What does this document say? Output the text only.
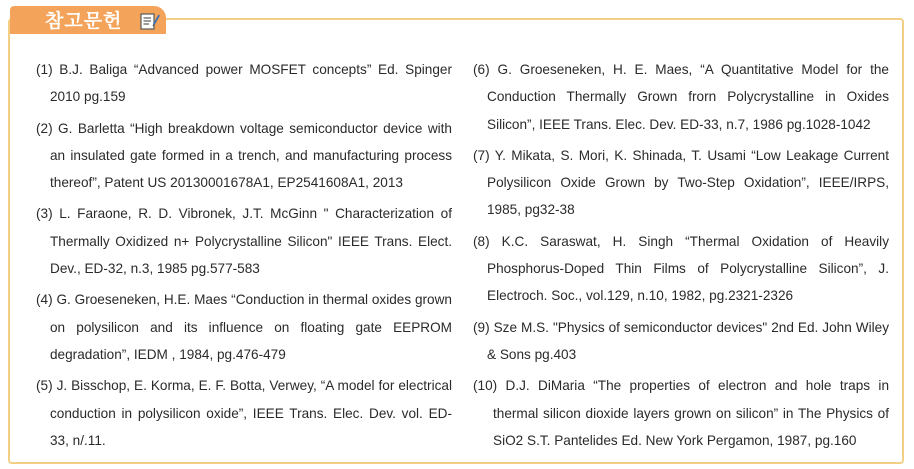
참고문헌
(1) B.J. Baliga “Advanced power MOSFET concepts” Ed. Spinger 2010 pg.159
(2) G. Barletta “High breakdown voltage semiconductor device with an insulated gate formed in a trench, and manufacturing process thereof”, Patent US 20130001678A1, EP2541608A1, 2013
(3) L. Faraone, R. D. Vibronek, J.T. McGinn " Characterization of Thermally Oxidized n+ Polycrystalline Silicon" IEEE Trans. Elect. Dev., ED-32, n.3, 1985 pg.577-583
(4) G. Groeseneken, H.E. Maes “Conduction in thermal oxides grown on polysilicon and its influence on floating gate EEPROM degradation”, IEDM , 1984, pg.476-479
(5) J. Bisschop, E. Korma, E. F. Botta, Verwey, “A model for electrical conduction in polysilicon oxide”, IEEE Trans. Elec. Dev. vol. ED-33, n/.11.
(6) G. Groeseneken, H. E. Maes, “A Quantitative Model for the Conduction Thermally Grown frorn Polycrystalline in Oxides Silicon”, IEEE Trans. Elec. Dev. ED-33, n.7, 1986 pg.1028-1042
(7) Y. Mikata, S. Mori, K. Shinada, T. Usami “Low Leakage Current Polysilicon Oxide Grown by Two-Step Oxidation”, IEEE/IRPS, 1985, pg32-38
(8) K.C. Saraswat, H. Singh “Thermal Oxidation of Heavily Phosphorus-Doped Thin Films of Polycrystalline Silicon”, J. Electroch. Soc., vol.129, n.10, 1982, pg.2321-2326
(9) Sze M.S. "Physics of semiconductor devices" 2nd Ed. John Wiley & Sons pg.403
(10) D.J. DiMaria “The properties of electron and hole traps in thermal silicon dioxide layers grown on silicon” in The Physics of SiO2 S.T. Pantelides Ed. New York Pergamon, 1987, pg.160
